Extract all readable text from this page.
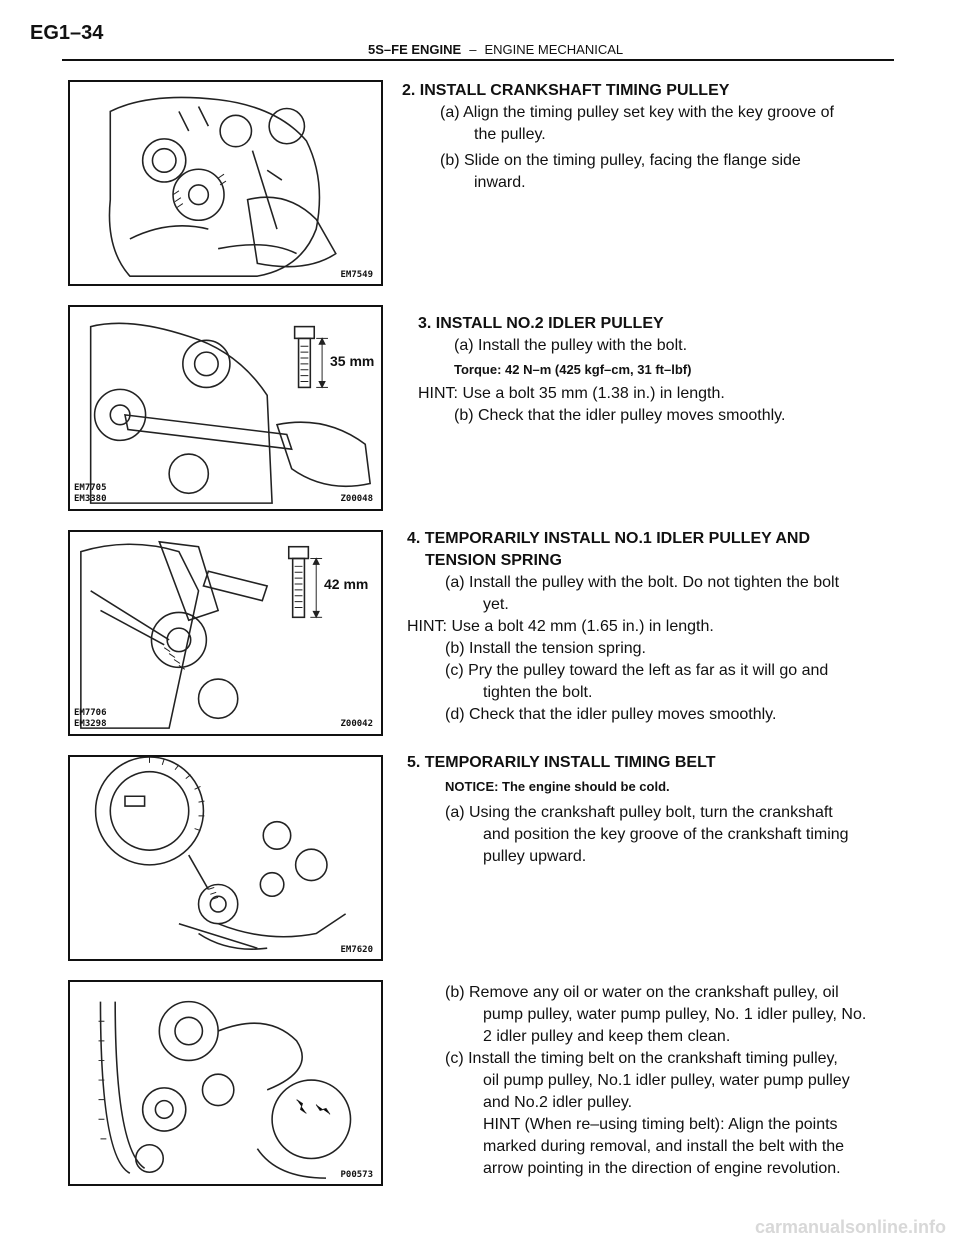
EG1–34
5S–FE ENGINE – ENGINE MECHANICAL
EM7549
35 mm
EM7705
EM3380	Z00048
42 mm
EM7706
EM3298	Z00042
EM7620
P00573

2. INSTALL CRANKSHAFT TIMING PULLEY

(a) Align the timing pulley set key with the key groove of

the pulley.

(b) Slide on the timing pulley, facing the flange side

inward.

3. INSTALL NO.2 IDLER PULLEY

(a) Install the pulley with the bolt.

Torque: 42 N–m (425 kgf–cm, 31 ft–lbf)

HINT: Use a bolt 35 mm (1.38 in.) in length.

(b) Check that the idler pulley moves smoothly.

4. TEMPORARILY INSTALL NO.1 IDLER PULLEY AND

TENSION SPRING

(a) Install the pulley with the bolt. Do not tighten the bolt

yet.

HINT: Use a bolt 42 mm (1.65 in.) in length.

(b) Install the tension spring.

(c) Pry the pulley toward the left as far as it will go and

tighten the bolt.

(d) Check that the idler pulley moves smoothly.

5. TEMPORARILY INSTALL TIMING BELT

NOTICE: The engine should be cold.

(a) Using the crankshaft pulley bolt, turn the crankshaft

and position the key groove of the crankshaft timing

pulley upward.

(b) Remove any oil or water on the crankshaft pulley, oil

pump pulley, water pump pulley, No. 1 idler pulley, No.

2 idler pulley and keep them clean.

(c) Install the timing belt on the crankshaft timing pulley,

oil pump pulley, No.1 idler pulley, water pump pulley

and No.2 idler pulley.

HINT (When re–using timing belt): Align the points

marked during removal, and install the belt with the

arrow pointing in the direction of engine revolution.

carmanualsonline.info
